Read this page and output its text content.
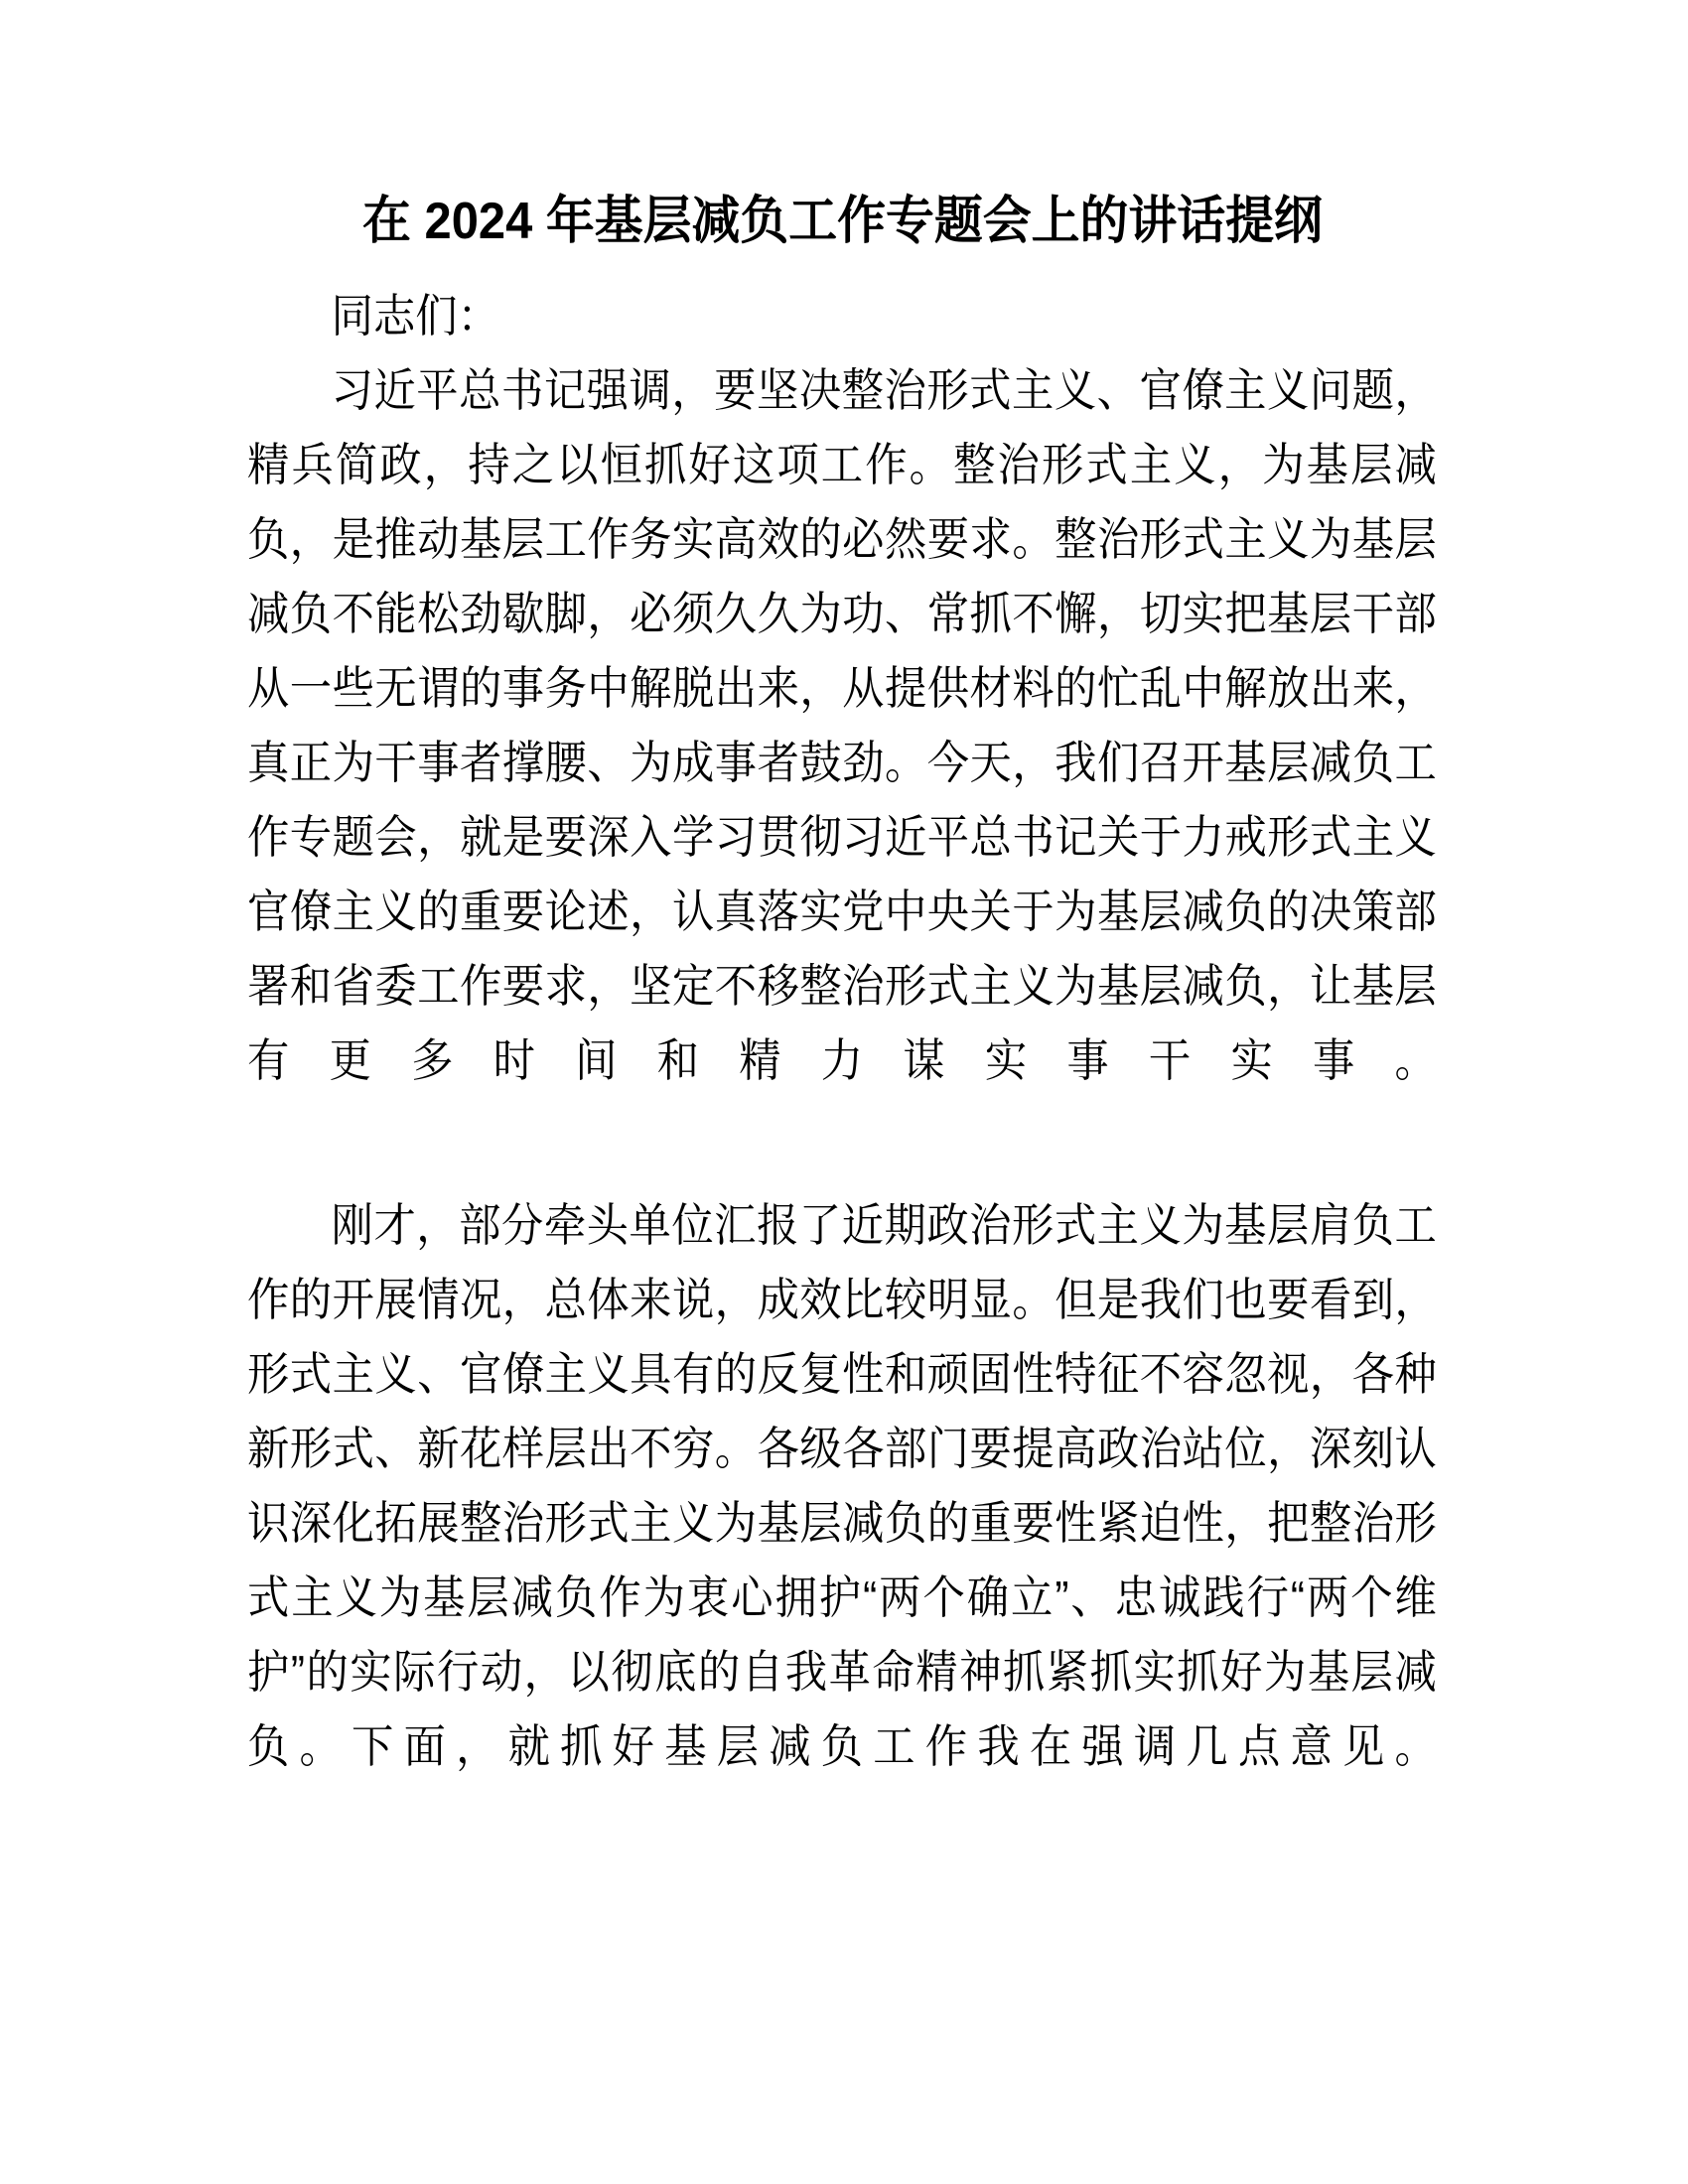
在 2024 年基层减负工作专题会上的讲话提纲

同志们：

习近平总书记强调，要坚决整治形式主义、官僚主义问题，精兵简政，持之以恒抓好这项工作。整治形式主义，为基层减负，是推动基层工作务实高效的必然要求。整治形式主义为基层减负不能松劲歇脚，必须久久为功、常抓不懈，切实把基层干部从一些无谓的事务中解脱出来，从提供材料的忙乱中解放出来，真正为干事者撑腰、为成事者鼓劲。今天，我们召开基层减负工作专题会，就是要深入学习贯彻习近平总书记关于力戒形式主义官僚主义的重要论述，认真落实党中央关于为基层减负的决策部署和省委工作要求，坚定不移整治形式主义为基层减负，让基层有更多时间和精力谋实事干实事。

刚才，部分牵头单位汇报了近期政治形式主义为基层肩负工作的开展情况，总体来说，成效比较明显。但是我们也要看到，形式主义、官僚主义具有的反复性和顽固性特征不容忽视，各种新形式、新花样层出不穷。各级各部门要提高政治站位，深刻认识深化拓展整治形式主义为基层减负的重要性紧迫性，把整治形式主义为基层减负作为衷心拥护“两个确立”、忠诚践行“两个维护”的实际行动，以彻底的自我革命精神抓紧抓实抓好为基层减负。下面，就抓好基层减负工作我在强调几点意见。
